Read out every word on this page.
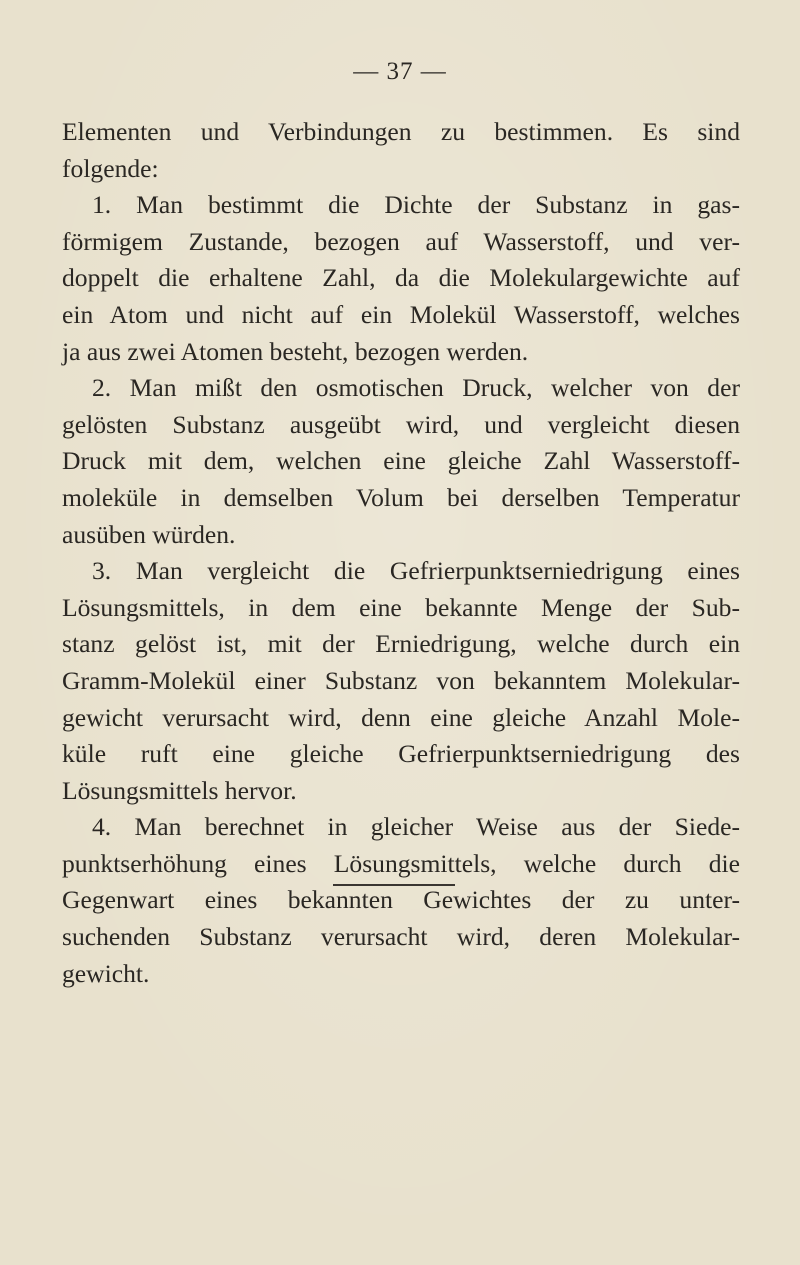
— 37 —

Elementen und Verbindungen zu bestimmen. Es sind
folgende:

1. Man bestimmt die Dichte der Substanz in gas-
förmigem Zustande, bezogen auf Wasserstoff, und ver-
doppelt die erhaltene Zahl, da die Molekulargewichte auf
ein Atom und nicht auf ein Molekül Wasserstoff, welches
ja aus zwei Atomen besteht, bezogen werden.

2. Man mißt den osmotischen Druck, welcher von der
gelösten Substanz ausgeübt wird, und vergleicht diesen
Druck mit dem, welchen eine gleiche Zahl Wasserstoff-
moleküle in demselben Volum bei derselben Temperatur
ausüben würden.

3. Man vergleicht die Gefrierpunktserniedrigung eines
Lösungsmittels, in dem eine bekannte Menge der Sub-
stanz gelöst ist, mit der Erniedrigung, welche durch ein
Gramm-Molekül einer Substanz von bekanntem Molekular-
gewicht verursacht wird, denn eine gleiche Anzahl Mole-
küle ruft eine gleiche Gefrierpunktserniedrigung des
Lösungsmittels hervor.

4. Man berechnet in gleicher Weise aus der Siede-
punktserhöhung eines Lösungsmittels, welche durch die
Gegenwart eines bekannten Gewichtes der zu unter-
suchenden Substanz verursacht wird, deren Molekular-
gewicht.
